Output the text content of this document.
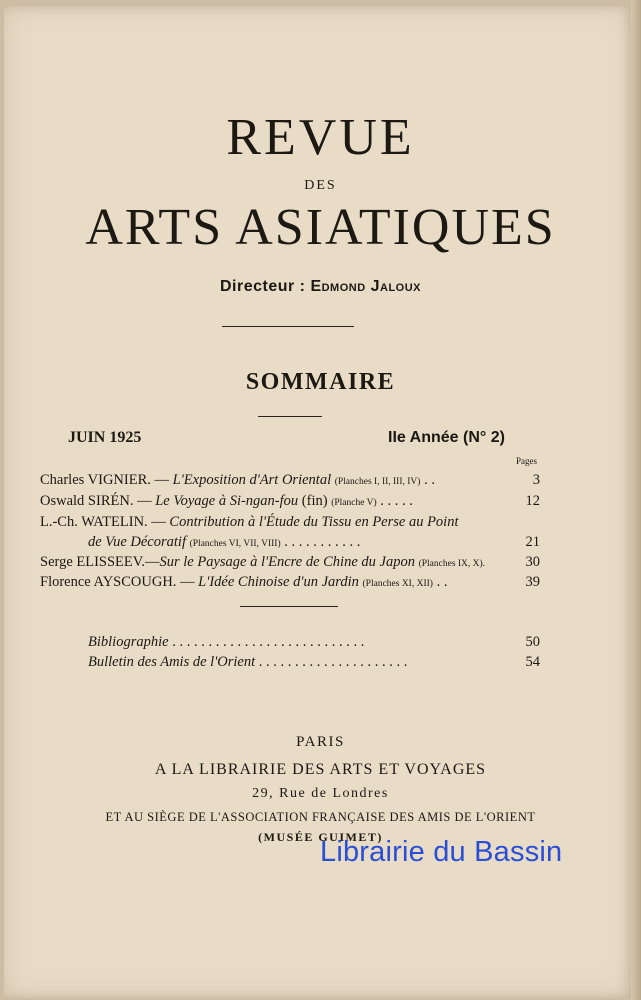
REVUE
DES
ARTS ASIATIQUES
Directeur : Edmond Jaloux
SOMMAIRE
JUIN 1925	IIe Année (N° 2)
Pages
Charles VIGNIER. — L'Exposition d'Art Oriental (Planches I, II, III, IV) . .	3
Oswald SIRÉN. — Le Voyage à Si-ngan-fou (fin) (Planche V) . . . . .	12
L.-Ch. WATELIN. — Contribution à l'Étude du Tissu en Perse au Point
de Vue Décoratif (Planches VI, VII, VIII) . . . . . . . . . . .	21
Serge ELISSEEV.—Sur le Paysage à l'Encre de Chine du Japon (Planches IX, X).	30
Florence AYSCOUGH. — L'Idée Chinoise d'un Jardin (Planches XI, XII) . .	39
Bibliographie . . . . . . . . . . . . . . . . . . . . . . . . . . .	50
Bulletin des Amis de l'Orient . . . . . . . . . . . . . . . . . . . . .	54
PARIS
A LA LIBRAIRIE DES ARTS ET VOYAGES
29, Rue de Londres
ET AU SIÈGE DE L'ASSOCIATION FRANÇAISE DES AMIS DE L'ORIENT
(MUSÉE GUIMET)
Librairie du Bassin
